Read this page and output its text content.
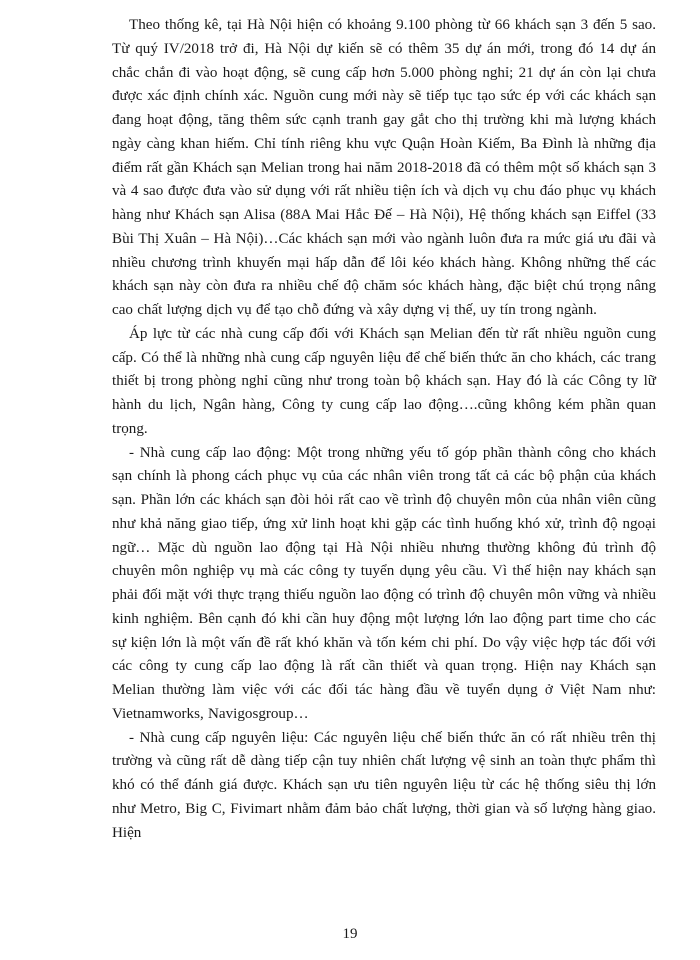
Theo thống kê, tại Hà Nội hiện có khoảng 9.100 phòng từ 66 khách sạn 3 đến 5 sao. Từ quý IV/2018 trở đi, Hà Nội dự kiến sẽ có thêm 35 dự án mới, trong đó 14 dự án chắc chắn đi vào hoạt động, sẽ cung cấp hơn 5.000 phòng nghỉ; 21 dự án còn lại chưa được xác định chính xác. Nguồn cung mới này sẽ tiếp tục tạo sức ép với các khách sạn đang hoạt động, tăng thêm sức cạnh tranh gay gắt cho thị trường khi mà lượng khách ngày càng khan hiếm. Chỉ tính riêng khu vực Quận Hoàn Kiếm, Ba Đình là những địa điểm rất gần Khách sạn Melian trong hai năm 2018-2018 đã có thêm một số khách sạn 3 và 4 sao được đưa vào sử dụng với rất nhiều tiện ích và dịch vụ chu đáo phục vụ khách hàng như Khách sạn Alisa (88A Mai Hắc Đế – Hà Nội), Hệ thống khách sạn Eiffel (33 Bùi Thị Xuân – Hà Nội)…Các khách sạn mới vào ngành luôn đưa ra mức giá ưu đãi và nhiều chương trình khuyến mại hấp dẫn để lôi kéo khách hàng. Không những thế các khách sạn này còn đưa ra nhiều chế độ chăm sóc khách hàng, đặc biệt chú trọng nâng cao chất lượng dịch vụ để tạo chỗ đứng và xây dựng vị thế, uy tín trong ngành.

Áp lực từ các nhà cung cấp đối với Khách sạn Melian đến từ rất nhiều nguồn cung cấp. Có thể là những nhà cung cấp nguyên liệu để chế biến thức ăn cho khách, các trang thiết bị trong phòng nghỉ cũng như trong toàn bộ khách sạn. Hay đó là các Công ty lữ hành du lịch, Ngân hàng, Công ty cung cấp lao động….cũng không kém phần quan trọng.

- Nhà cung cấp lao động: Một trong những yếu tố góp phần thành công cho khách sạn chính là phong cách phục vụ của các nhân viên trong tất cả các bộ phận của khách sạn. Phần lớn các khách sạn đòi hỏi rất cao về trình độ chuyên môn của nhân viên cũng như khả năng giao tiếp, ứng xử linh hoạt khi gặp các tình huống khó xử, trình độ ngoại ngữ… Mặc dù nguồn lao động tại Hà Nội nhiều nhưng thường không đủ trình độ chuyên môn nghiệp vụ mà các công ty tuyển dụng yêu cầu. Vì thế hiện nay khách sạn phải đối mặt với thực trạng thiếu nguồn lao động có trình độ chuyên môn vững và nhiều kinh nghiệm. Bên cạnh đó khi cần huy động một lượng lớn lao động part time cho các sự kiện lớn là một vấn đề rất khó khăn và tốn kém chi phí. Do vậy việc hợp tác đối với các công ty cung cấp lao động là rất cần thiết và quan trọng. Hiện nay Khách sạn Melian thường làm việc với các đối tác hàng đầu về tuyển dụng ở Việt Nam như: Vietnamworks, Navigosgroup…

- Nhà cung cấp nguyên liệu: Các nguyên liệu chế biến thức ăn có rất nhiều trên thị trường và cũng rất dễ dàng tiếp cận tuy nhiên chất lượng vệ sinh an toàn thực phẩm thì khó có thể đánh giá được. Khách sạn ưu tiên nguyên liệu từ các hệ thống siêu thị lớn như Metro, Big C, Fivimart nhằm đảm bảo chất lượng, thời gian và số lượng hàng giao. Hiện

19
